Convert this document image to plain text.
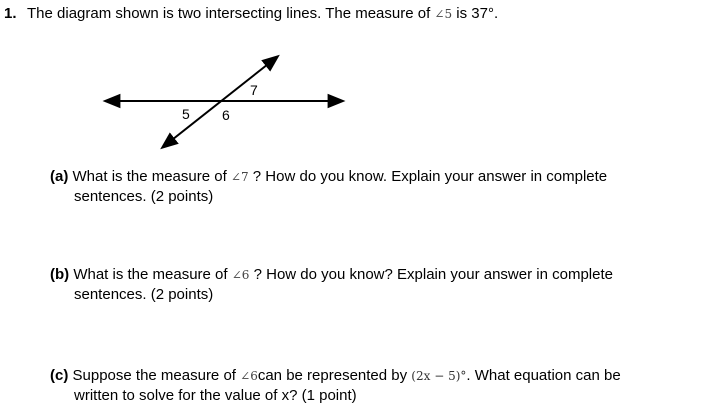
1. The diagram shown is two intersecting lines. The measure of ∠5 is 37°.
5 6
7
(a) What is the measure of ∠7 ? How do you know. Explain your answer in complete
sentences. (2 points)
(b) What is the measure of ∠6 ? How do you know? Explain your answer in complete
sentences. (2 points)
(c) Suppose the measure of ∠6can be represented by (2x − 5)°. What equation can be
written to solve for the value of x? (1 point)
